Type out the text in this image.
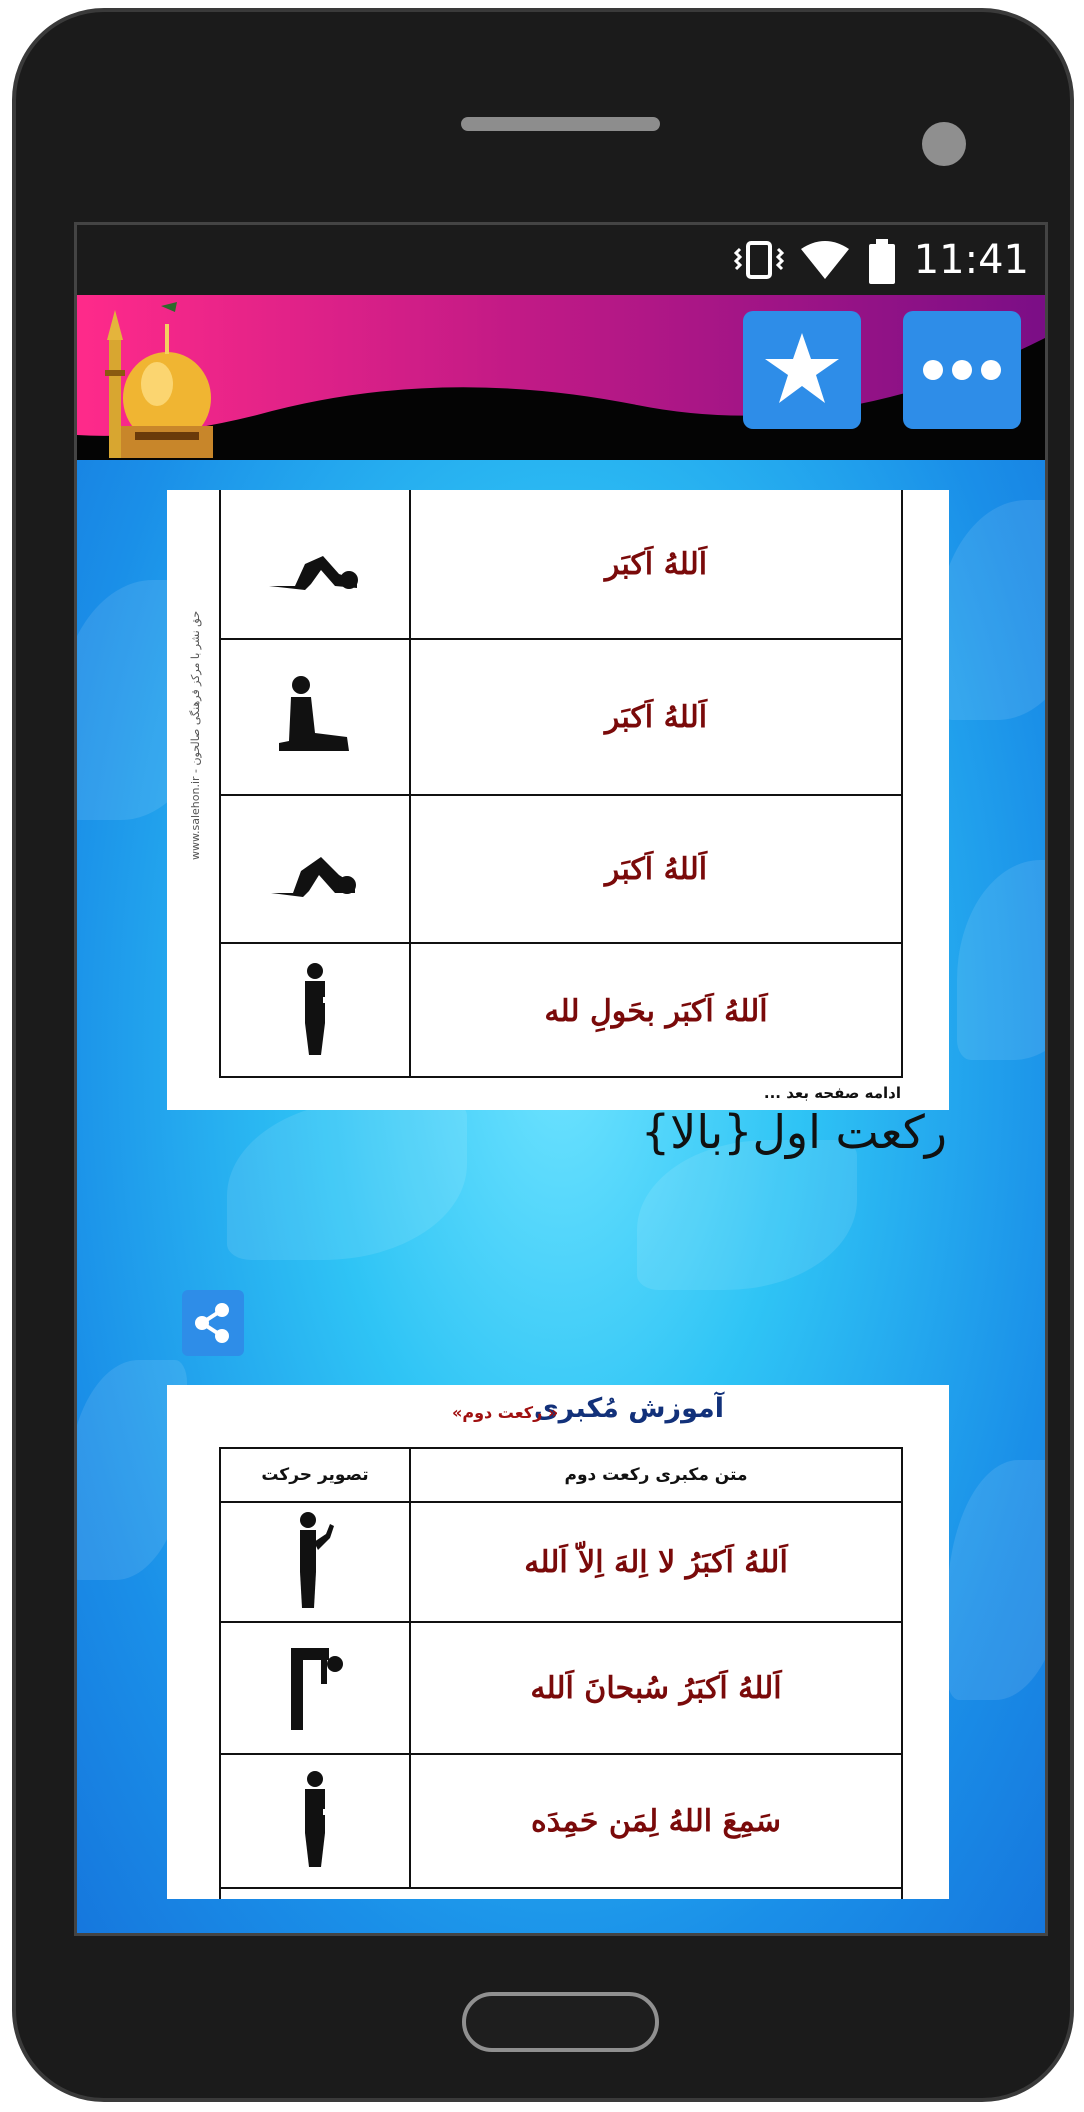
11:41
www.salehon.ir - حق نشر با مرکز فرهنگی صالحون
اَللهُ اَكبَر
اَللهُ اَكبَر
اَللهُ اَكبَر
اَللهُ اَكبَر بحَولِ لله
ادامه صفحه بعد ...
رکعت اول{بالا}
آموزش مُكبری
« ركعت دوم»
تصویر حرکت	متن مکبری رکعت دوم
اَللهُ اَكبَرُ لا اِلهَ اِلاّ اَلله
اَللهُ اَكبَرُ سُبحانَ اَلله
سَمِعَ اللهُ لِمَن حَمِدَه
